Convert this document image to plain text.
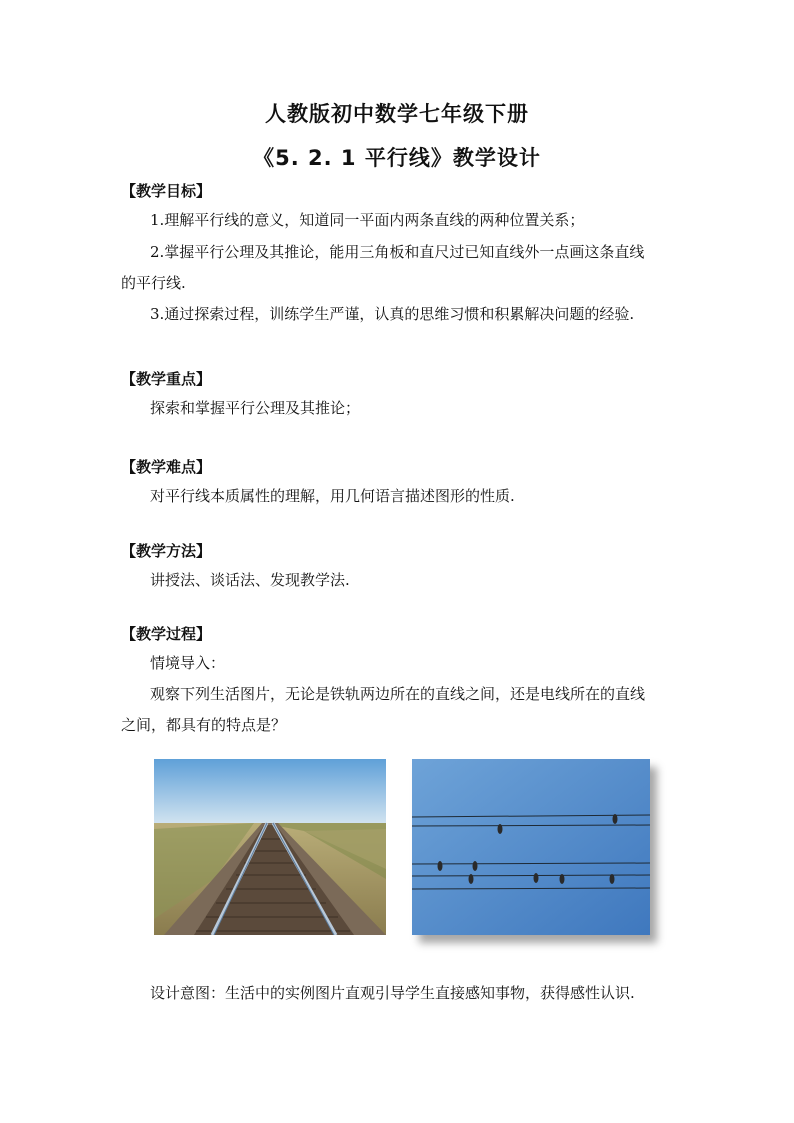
人教版初中数学七年级下册
《5. 2. 1 平行线》教学设计
【教学目标】
1.理解平行线的意义，知道同一平面内两条直线的两种位置关系；
2.掌握平行公理及其推论，能用三角板和直尺过已知直线外一点画这条直线
的平行线.
3.通过探索过程，训练学生严谨，认真的思维习惯和积累解决问题的经验.
【教学重点】
探索和掌握平行公理及其推论；
【教学难点】
对平行线本质属性的理解，用几何语言描述图形的性质.
【教学方法】
讲授法、谈话法、发现教学法.
【教学过程】
情境导入：
观察下列生活图片，无论是铁轨两边所在的直线之间，还是电线所在的直线
之间，都具有的特点是？
设计意图：生活中的实例图片直观引导学生直接感知事物，获得感性认识.
